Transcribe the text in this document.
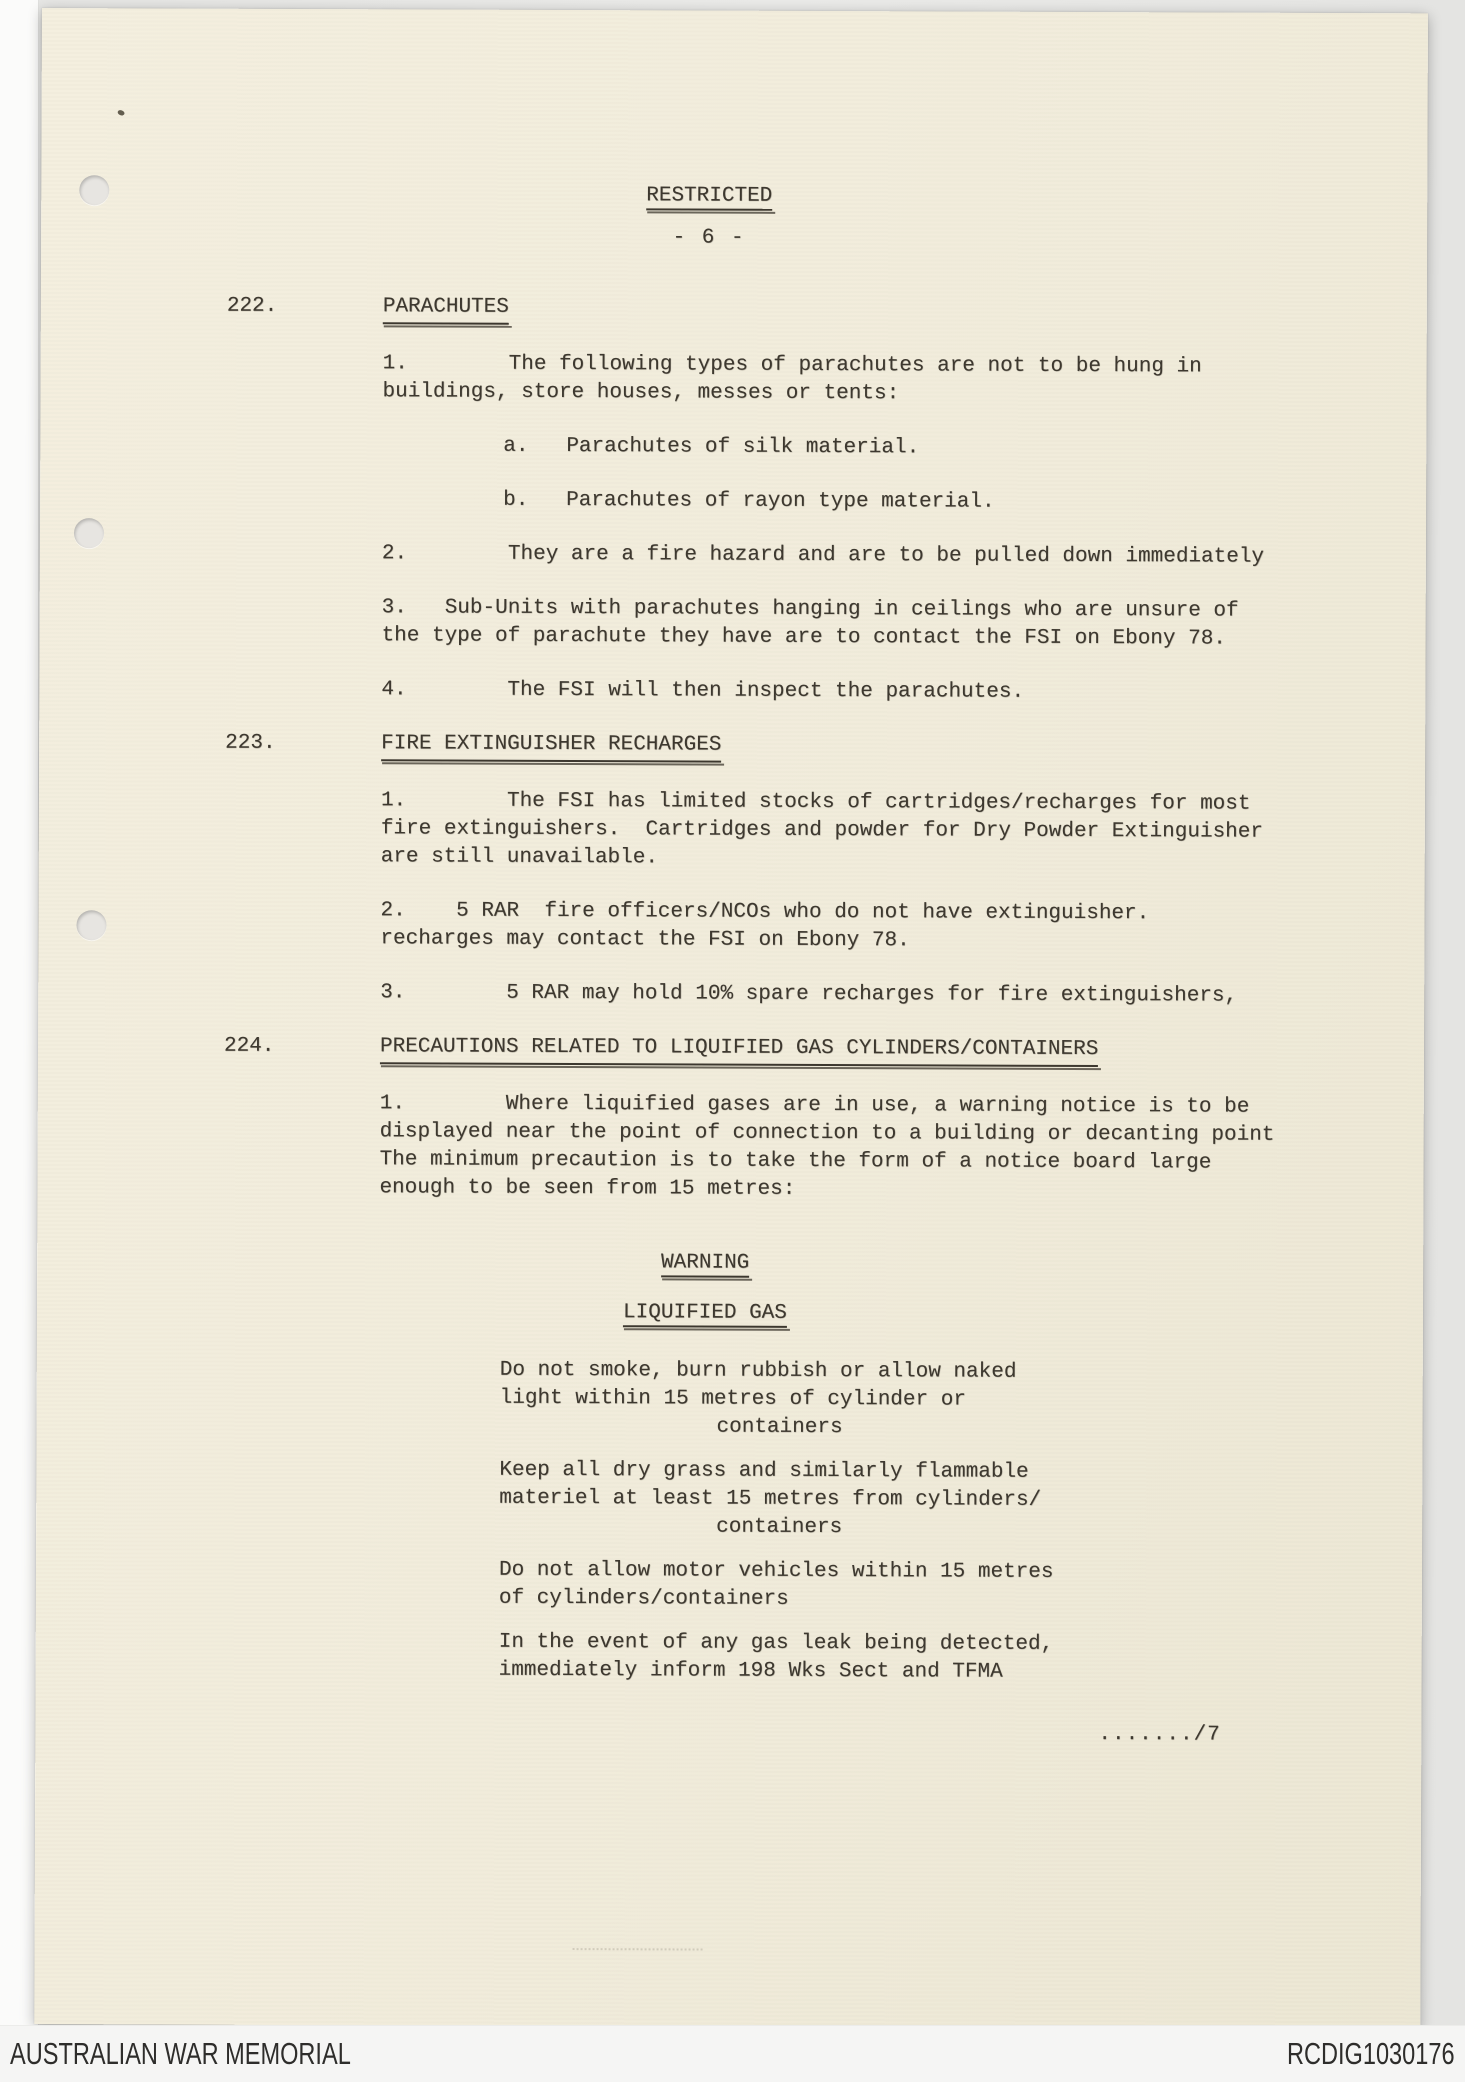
RESTRICTED
- 6 -
222.	PARACHUTES
1.        The following types of parachutes are not to be hung in
buildings, store houses, messes or tents:
a.   Parachutes of silk material.
b.   Parachutes of rayon type material.
2.        They are a fire hazard and are to be pulled down immediately
3.   Sub-Units with parachutes hanging in ceilings who are unsure of
the type of parachute they have are to contact the FSI on Ebony 78.
4.        The FSI will then inspect the parachutes.
223.	FIRE EXTINGUISHER RECHARGES
1.        The FSI has limited stocks of cartridges/recharges for most
fire extinguishers.  Cartridges and powder for Dry Powder Extinguisher
are still unavailable.
2.    5 RAR  fire officers/NCOs who do not have extinguisher.
recharges may contact the FSI on Ebony 78.
3.        5 RAR may hold 10% spare recharges for fire extinguishers,
224.	PRECAUTIONS RELATED TO LIQUIFIED GAS CYLINDERS/CONTAINERS
1.        Where liquified gases are in use, a warning notice is to be
displayed near the point of connection to a building or decanting point
The minimum precaution is to take the form of a notice board large
enough to be seen from 15 metres:
WARNING
LIQUIFIED GAS
Do not smoke, burn rubbish or allow naked
light within 15 metres of cylinder or
containers
Keep all dry grass and similarly flammable
materiel at least 15 metres from cylinders/
containers
Do not allow motor vehicles within 15 metres
of cylinders/containers
In the event of any gas leak being detected,
immediately inform 198 Wks Sect and TFMA
.......​/7
AUSTRALIAN WAR MEMORIAL	RCDIG1030176
